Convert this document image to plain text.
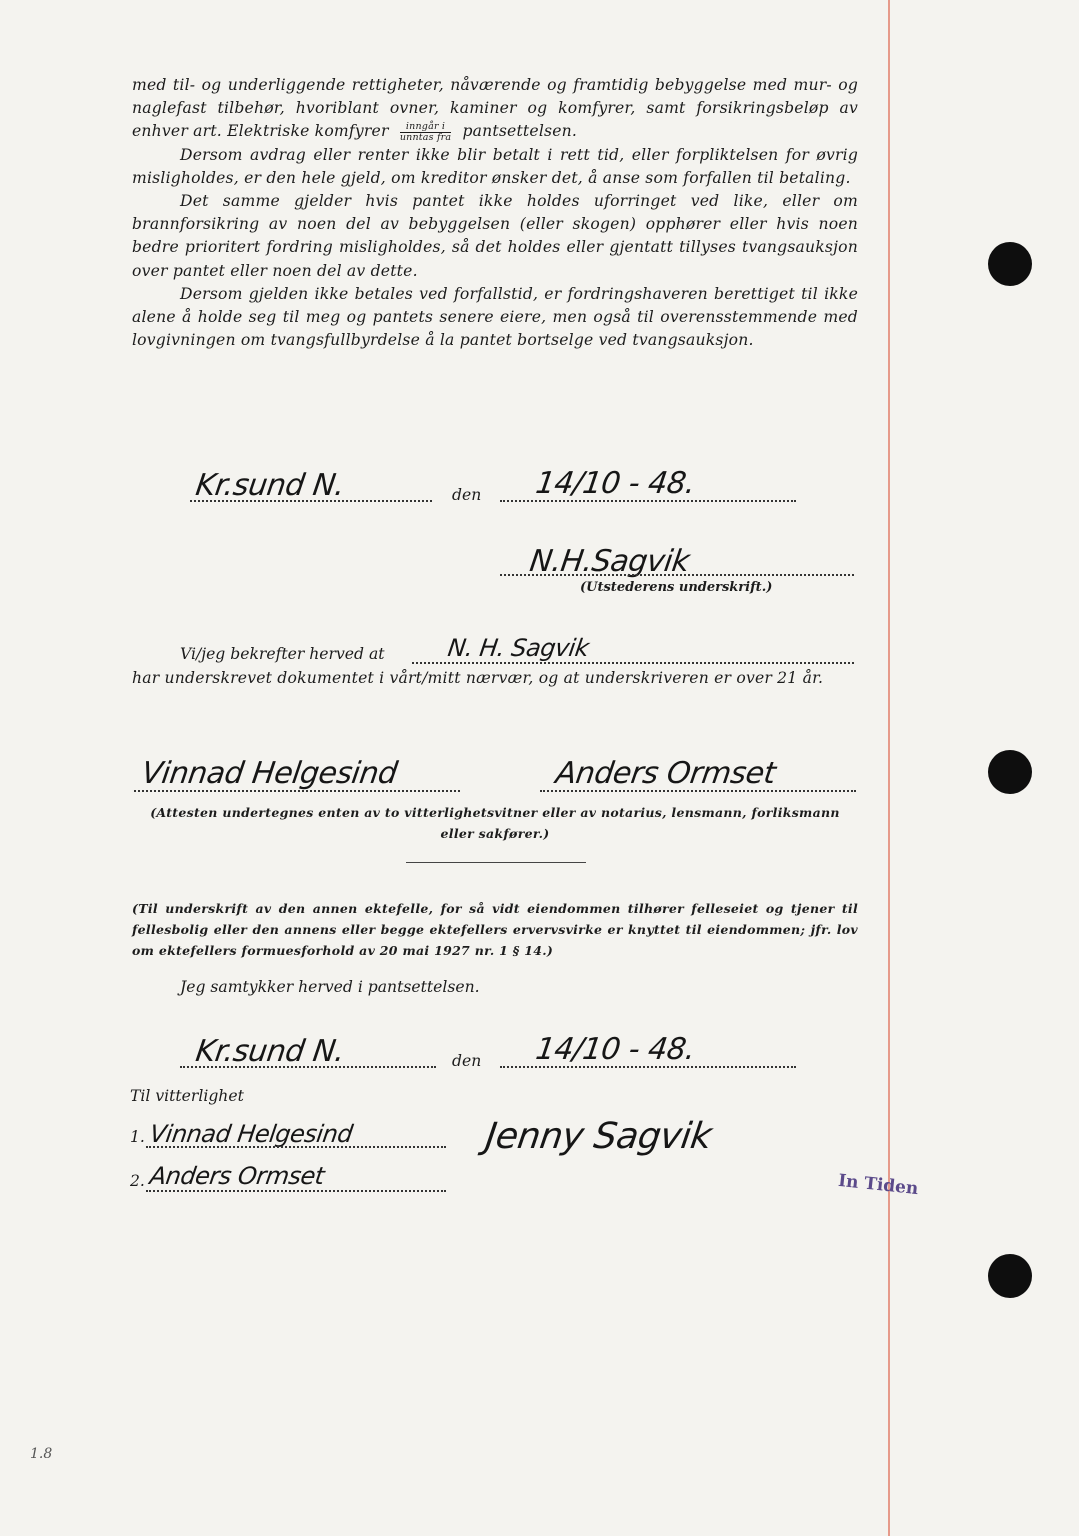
med til- og underliggende rettigheter, nåværende og framtidig bebyggelse med mur- og naglefast tilbehør, hvoriblant ovner, kaminer og komfyrer, samt forsikringsbeløp av enhver art. Elektriske komfyrer $\frac{\text{inngår i}}{\text{unntas fra}}$ pantsettelsen.

Dersom avdrag eller renter ikke blir betalt i rett tid, eller forpliktelsen for øvrig misligholdes, er den hele gjeld, om kreditor ønsker det, å anse som forfallen til betaling.

Det samme gjelder hvis pantet ikke holdes uforringet ved like, eller om brannforsikring av noen del av bebyggelsen (eller skogen) opphører eller hvis noen bedre prioritert fordring misligholdes, så det holdes eller gjentatt tillyses tvangsauksjon over pantet eller noen del av dette.

Dersom gjelden ikke betales ved forfallstid, er fordringshaveren berettiget til ikke alene å holde seg til meg og pantets senere eiere, men også til overensstemmende med lovgivningen om tvangsfullbyrdelse å la pantet bortselge ved tvangsauksjon.

Kr.sund N.	den 14/10 - 48.
N.H.Sagvik
(Utstederens underskrift.)
Vi/jeg bekrefter herved at	N. H. Sagvik
har underskrevet dokumentet i vårt/mitt nærvær, og at underskriveren er over 21 år.
Vinnad Helgesind	Anders Ormset
(Attesten undertegnes enten av to vitterlighetsvitner eller av notarius, lensmann, forliksmann eller sakfører.)
(Til underskrift av den annen ektefelle, for så vidt eiendommen tilhører felleseiet og tjener til fellesbolig eller den annens eller begge ektefellers ervervsvirke er knyttet til eiendommen; jfr. lov om ektefellers formuesforhold av 20 mai 1927 nr. 1 § 14.)
Jeg samtykker herved i pantsettelsen.
Kr.sund N.	den 14/10 - 48.
Til vitterlighet
1. Vinnad Helgesind
2. Anders Ormset
Jenny Sagvik
In Tiden
1.8
